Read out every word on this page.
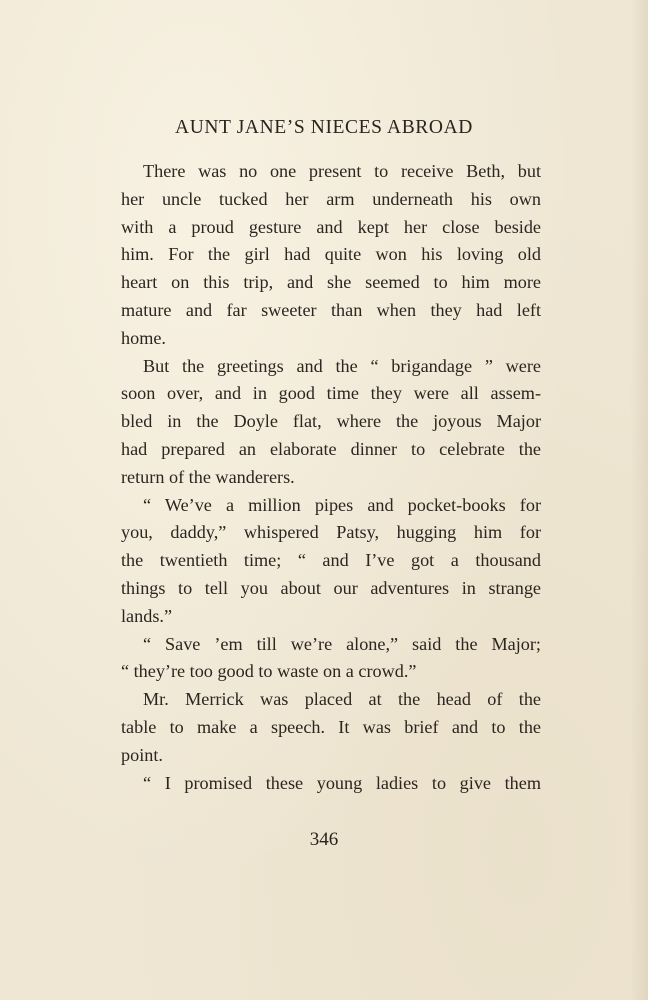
AUNT JANE’S NIECES ABROAD
There was no one present to receive Beth, but
her uncle tucked her arm underneath his own
with a proud gesture and kept her close beside
him. For the girl had quite won his loving old
heart on this trip, and she seemed to him more
mature and far sweeter than when they had left
home.
But the greetings and the “ brigandage ” were
soon over, and in good time they were all assem-
bled in the Doyle flat, where the joyous Major
had prepared an elaborate dinner to celebrate the
return of the wanderers.
“ We’ve a million pipes and pocket-books for
you, daddy,” whispered Patsy, hugging him for
the twentieth time; “ and I’ve got a thousand
things to tell you about our adventures in strange
lands.”
“ Save ’em till we’re alone,” said the Major;
“ they’re too good to waste on a crowd.”
Mr. Merrick was placed at the head of the
table to make a speech. It was brief and to the
point.
“ I promised these young ladies to give them
346
